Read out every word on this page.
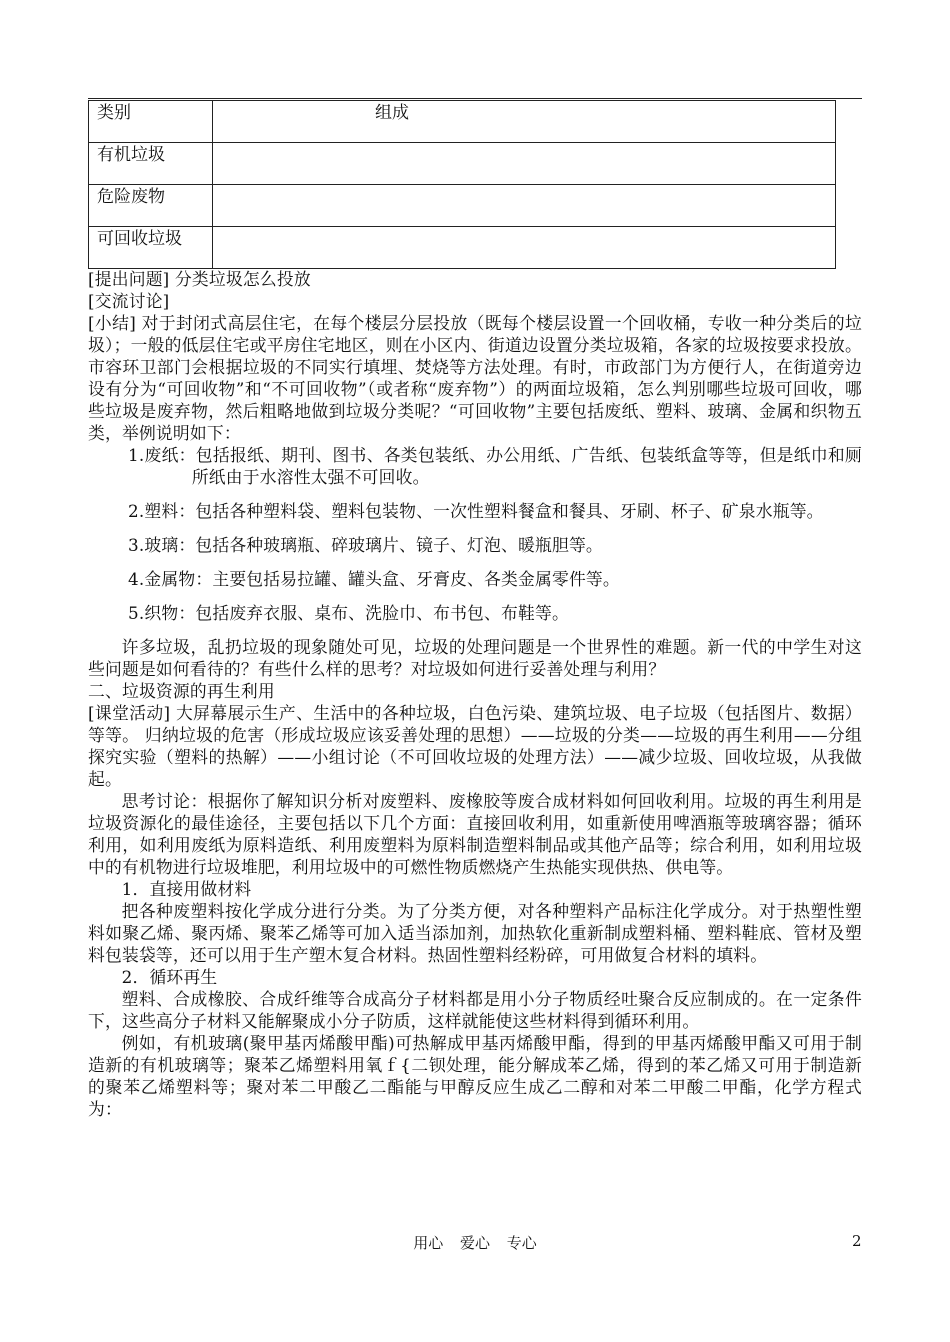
类别	组成
有机垃圾	
危险废物	
可回收垃圾	

[提出问题] 分类垃圾怎么投放

[交流讨论]

[小结] 对于封闭式高层住宅，在每个楼层分层投放（既每个楼层设置一个回收桶，专收一种分类后的垃圾）；一般的低层住宅或平房住宅地区，则在小区内、街道边设置分类垃圾箱，各家的垃圾按要求投放。市容环卫部门会根据垃圾的不同实行填埋、焚烧等方法处理。有时，市政部门为方便行人，在街道旁边设有分为“可回收物”和“不可回收物”（或者称“废弃物”）的两面垃圾箱，怎么判别哪些垃圾可回收，哪些垃圾是废弃物，然后粗略地做到垃圾分类呢？“可回收物”主要包括废纸、塑料、玻璃、金属和织物五类，举例说明如下：

1.废纸：包括报纸、期刊、图书、各类包装纸、办公用纸、广告纸、包装纸盒等等，但是纸巾和厕所纸由于水溶性太强不可回收。

2.塑料：包括各种塑料袋、塑料包装物、一次性塑料餐盒和餐具、牙刷、杯子、矿泉水瓶等。

3.玻璃：包括各种玻璃瓶、碎玻璃片、镜子、灯泡、暖瓶胆等。

4.金属物：主要包括易拉罐、罐头盒、牙膏皮、各类金属零件等。

5.织物：包括废弃衣服、桌布、洗脸巾、布书包、布鞋等。

许多垃圾，乱扔垃圾的现象随处可见，垃圾的处理问题是一个世界性的难题。新一代的中学生对这些问题是如何看待的？有些什么样的思考？对垃圾如何进行妥善处理与利用？

二、垃圾资源的再生利用

[课堂活动] 大屏幕展示生产、生活中的各种垃圾，白色污染、建筑垃圾、电子垃圾（包括图片、数据）等等。 归纳垃圾的危害（形成垃圾应该妥善处理的思想）——垃圾的分类——垃圾的再生利用——分组探究实验（塑料的热解）——小组讨论（不可回收垃圾的处理方法）——减少垃圾、回收垃圾，从我做起。

思考讨论：根据你了解知识分析对废塑料、废橡胶等废合成材料如何回收利用。垃圾的再生利用是垃圾资源化的最佳途径，主要包括以下几个方面：直接回收利用，如重新使用啤酒瓶等玻璃容器；循环利用，如利用废纸为原料造纸、利用废塑料为原料制造塑料制品或其他产品等；综合利用，如利用垃圾中的有机物进行垃圾堆肥，利用垃圾中的可燃性物质燃烧产生热能实现供热、供电等。

1．直接用做材料

把各种废塑料按化学成分进行分类。为了分类方便，对各种塑料产品标注化学成分。对于热塑性塑料如聚乙烯、聚丙烯、聚苯乙烯等可加入适当添加剂，加热软化重新制成塑料桶、塑料鞋底、管材及塑料包装袋等，还可以用于生产塑木复合材料。热固性塑料经粉碎，可用做复合材料的填料。

2．循环再生

塑料、合成橡胶、合成纤维等合成高分子材料都是用小分子物质经吐聚合反应制成的。在一定条件下，这些高分子材料又能解聚成小分子防质，这样就能使这些材料得到循环利用。

例如，有机玻璃(聚甲基丙烯酸甲酯)可热解成甲基丙烯酸甲酯，得到的甲基丙烯酸甲酯又可用于制造新的有机玻璃等；聚苯乙烯塑料用氧ｆ{二钡处理，能分解成苯乙烯，得到的苯乙烯又可用于制造新的聚苯乙烯塑料等；聚对苯二甲酸乙二酯能与甲醇反应生成乙二醇和对苯二甲酸二甲酯，化学方程式为：

用心 爱心 专心	2
